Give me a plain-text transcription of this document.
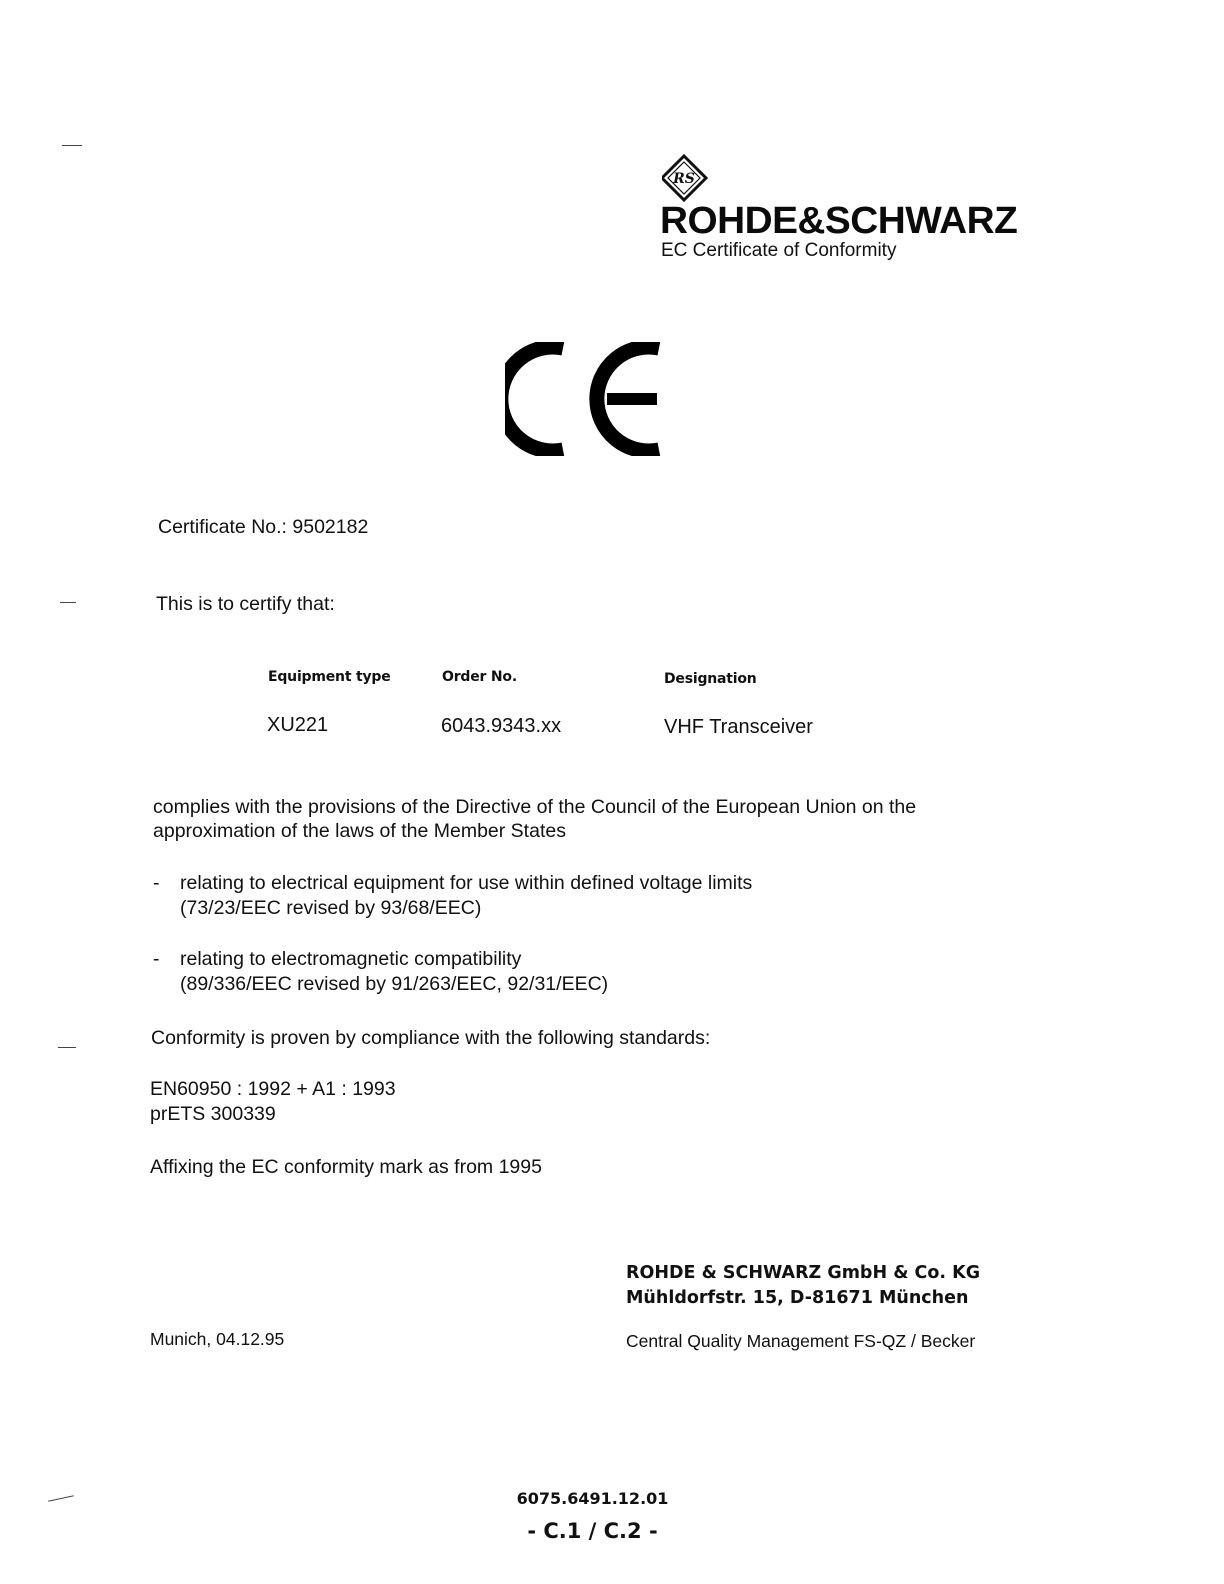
RS
ROHDE&SCHWARZ
EC Certificate of Conformity
Certificate No.: 9502182
This is to certify that:
Equipment type	Order No.	Designation
XU221	6043.9343.xx	VHF Transceiver
complies with the provisions of the Directive of the Council of the European Union on the
approximation of the laws of the Member States
- relating to electrical equipment for use within defined voltage limits
(73/23/EEC revised by 93/68/EEC)
- relating to electromagnetic compatibility
(89/336/EEC revised by 91/263/EEC, 92/31/EEC)
Conformity is proven by compliance with the following standards:
EN60950 : 1992 + A1 : 1993
prETS 300339
Affixing the EC conformity mark as from 1995
ROHDE & SCHWARZ GmbH & Co. KG
Mühldorfstr. 15, D-81671 München
Munich, 04.12.95	Central Quality Management FS-QZ / Becker
6075.6491.12.01
- C.1 / C.2 -
